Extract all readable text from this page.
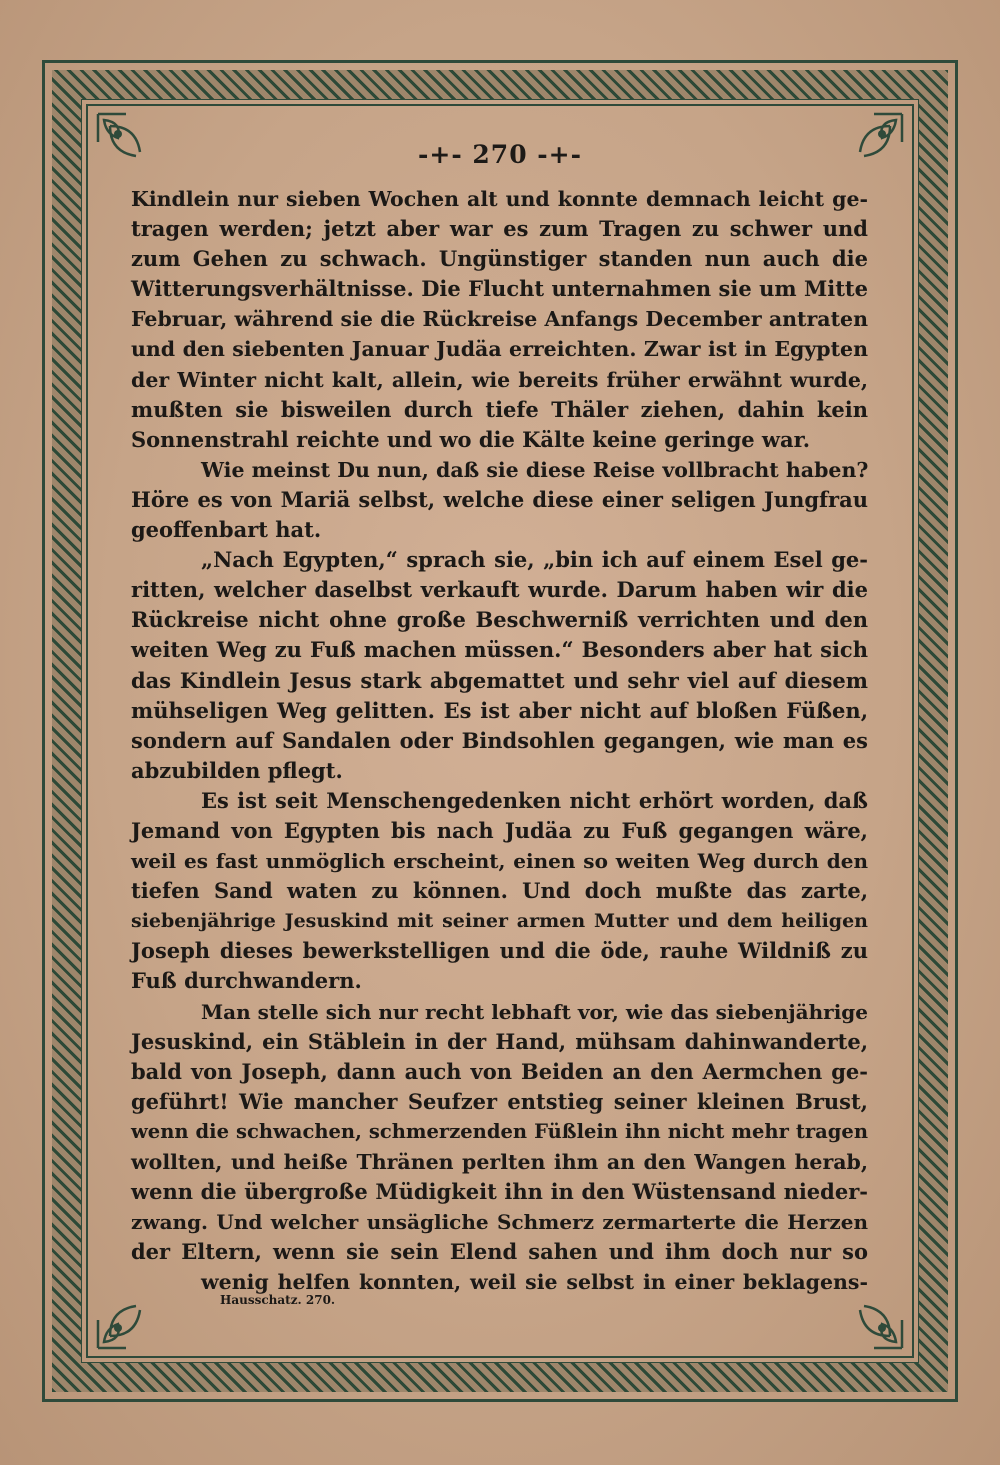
-+- 270 -+-
Kindlein nur sieben Wochen alt und konnte demnach leicht ge-
tragen werden; jetzt aber war es zum Tragen zu schwer und
zum Gehen zu schwach. Ungünstiger standen nun auch die
Witterungsverhältnisse. Die Flucht unternahmen sie um Mitte
Februar, während sie die Rückreise Anfangs December antraten
und den siebenten Januar Judäa erreichten. Zwar ist in Egypten
der Winter nicht kalt, allein, wie bereits früher erwähnt wurde,
mußten sie bisweilen durch tiefe Thäler ziehen, dahin kein
Sonnenstrahl reichte und wo die Kälte keine geringe war.
Wie meinst Du nun, daß sie diese Reise vollbracht haben?
Höre es von Mariä selbst, welche diese einer seligen Jungfrau
geoffenbart hat.
„Nach Egypten,“ sprach sie, „bin ich auf einem Esel ge-
ritten, welcher daselbst verkauft wurde. Darum haben wir die
Rückreise nicht ohne große Beschwerniß verrichten und den
weiten Weg zu Fuß machen müssen.“ Besonders aber hat sich
das Kindlein Jesus stark abgemattet und sehr viel auf diesem
mühseligen Weg gelitten. Es ist aber nicht auf bloßen Füßen,
sondern auf Sandalen oder Bindsohlen gegangen, wie man es
abzubilden pflegt.
Es ist seit Menschengedenken nicht erhört worden, daß
Jemand von Egypten bis nach Judäa zu Fuß gegangen wäre,
weil es fast unmöglich erscheint, einen so weiten Weg durch den
tiefen Sand waten zu können. Und doch mußte das zarte,
siebenjährige Jesuskind mit seiner armen Mutter und dem heiligen
Joseph dieses bewerkstelligen und die öde, rauhe Wildniß zu
Fuß durchwandern.
Man stelle sich nur recht lebhaft vor, wie das siebenjährige
Jesuskind, ein Stäblein in der Hand, mühsam dahinwanderte,
bald von Joseph, dann auch von Beiden an den Aermchen ge-
geführt! Wie mancher Seufzer entstieg seiner kleinen Brust,
wenn die schwachen, schmerzenden Füßlein ihn nicht mehr tragen
wollten, und heiße Thränen perlten ihm an den Wangen herab,
wenn die übergroße Müdigkeit ihn in den Wüstensand nieder-
zwang. Und welcher unsägliche Schmerz zermarterte die Herzen
der Eltern, wenn sie sein Elend sahen und ihm doch nur so
wenig helfen konnten, weil sie selbst in einer beklagens-
Hausschatz. 270.
